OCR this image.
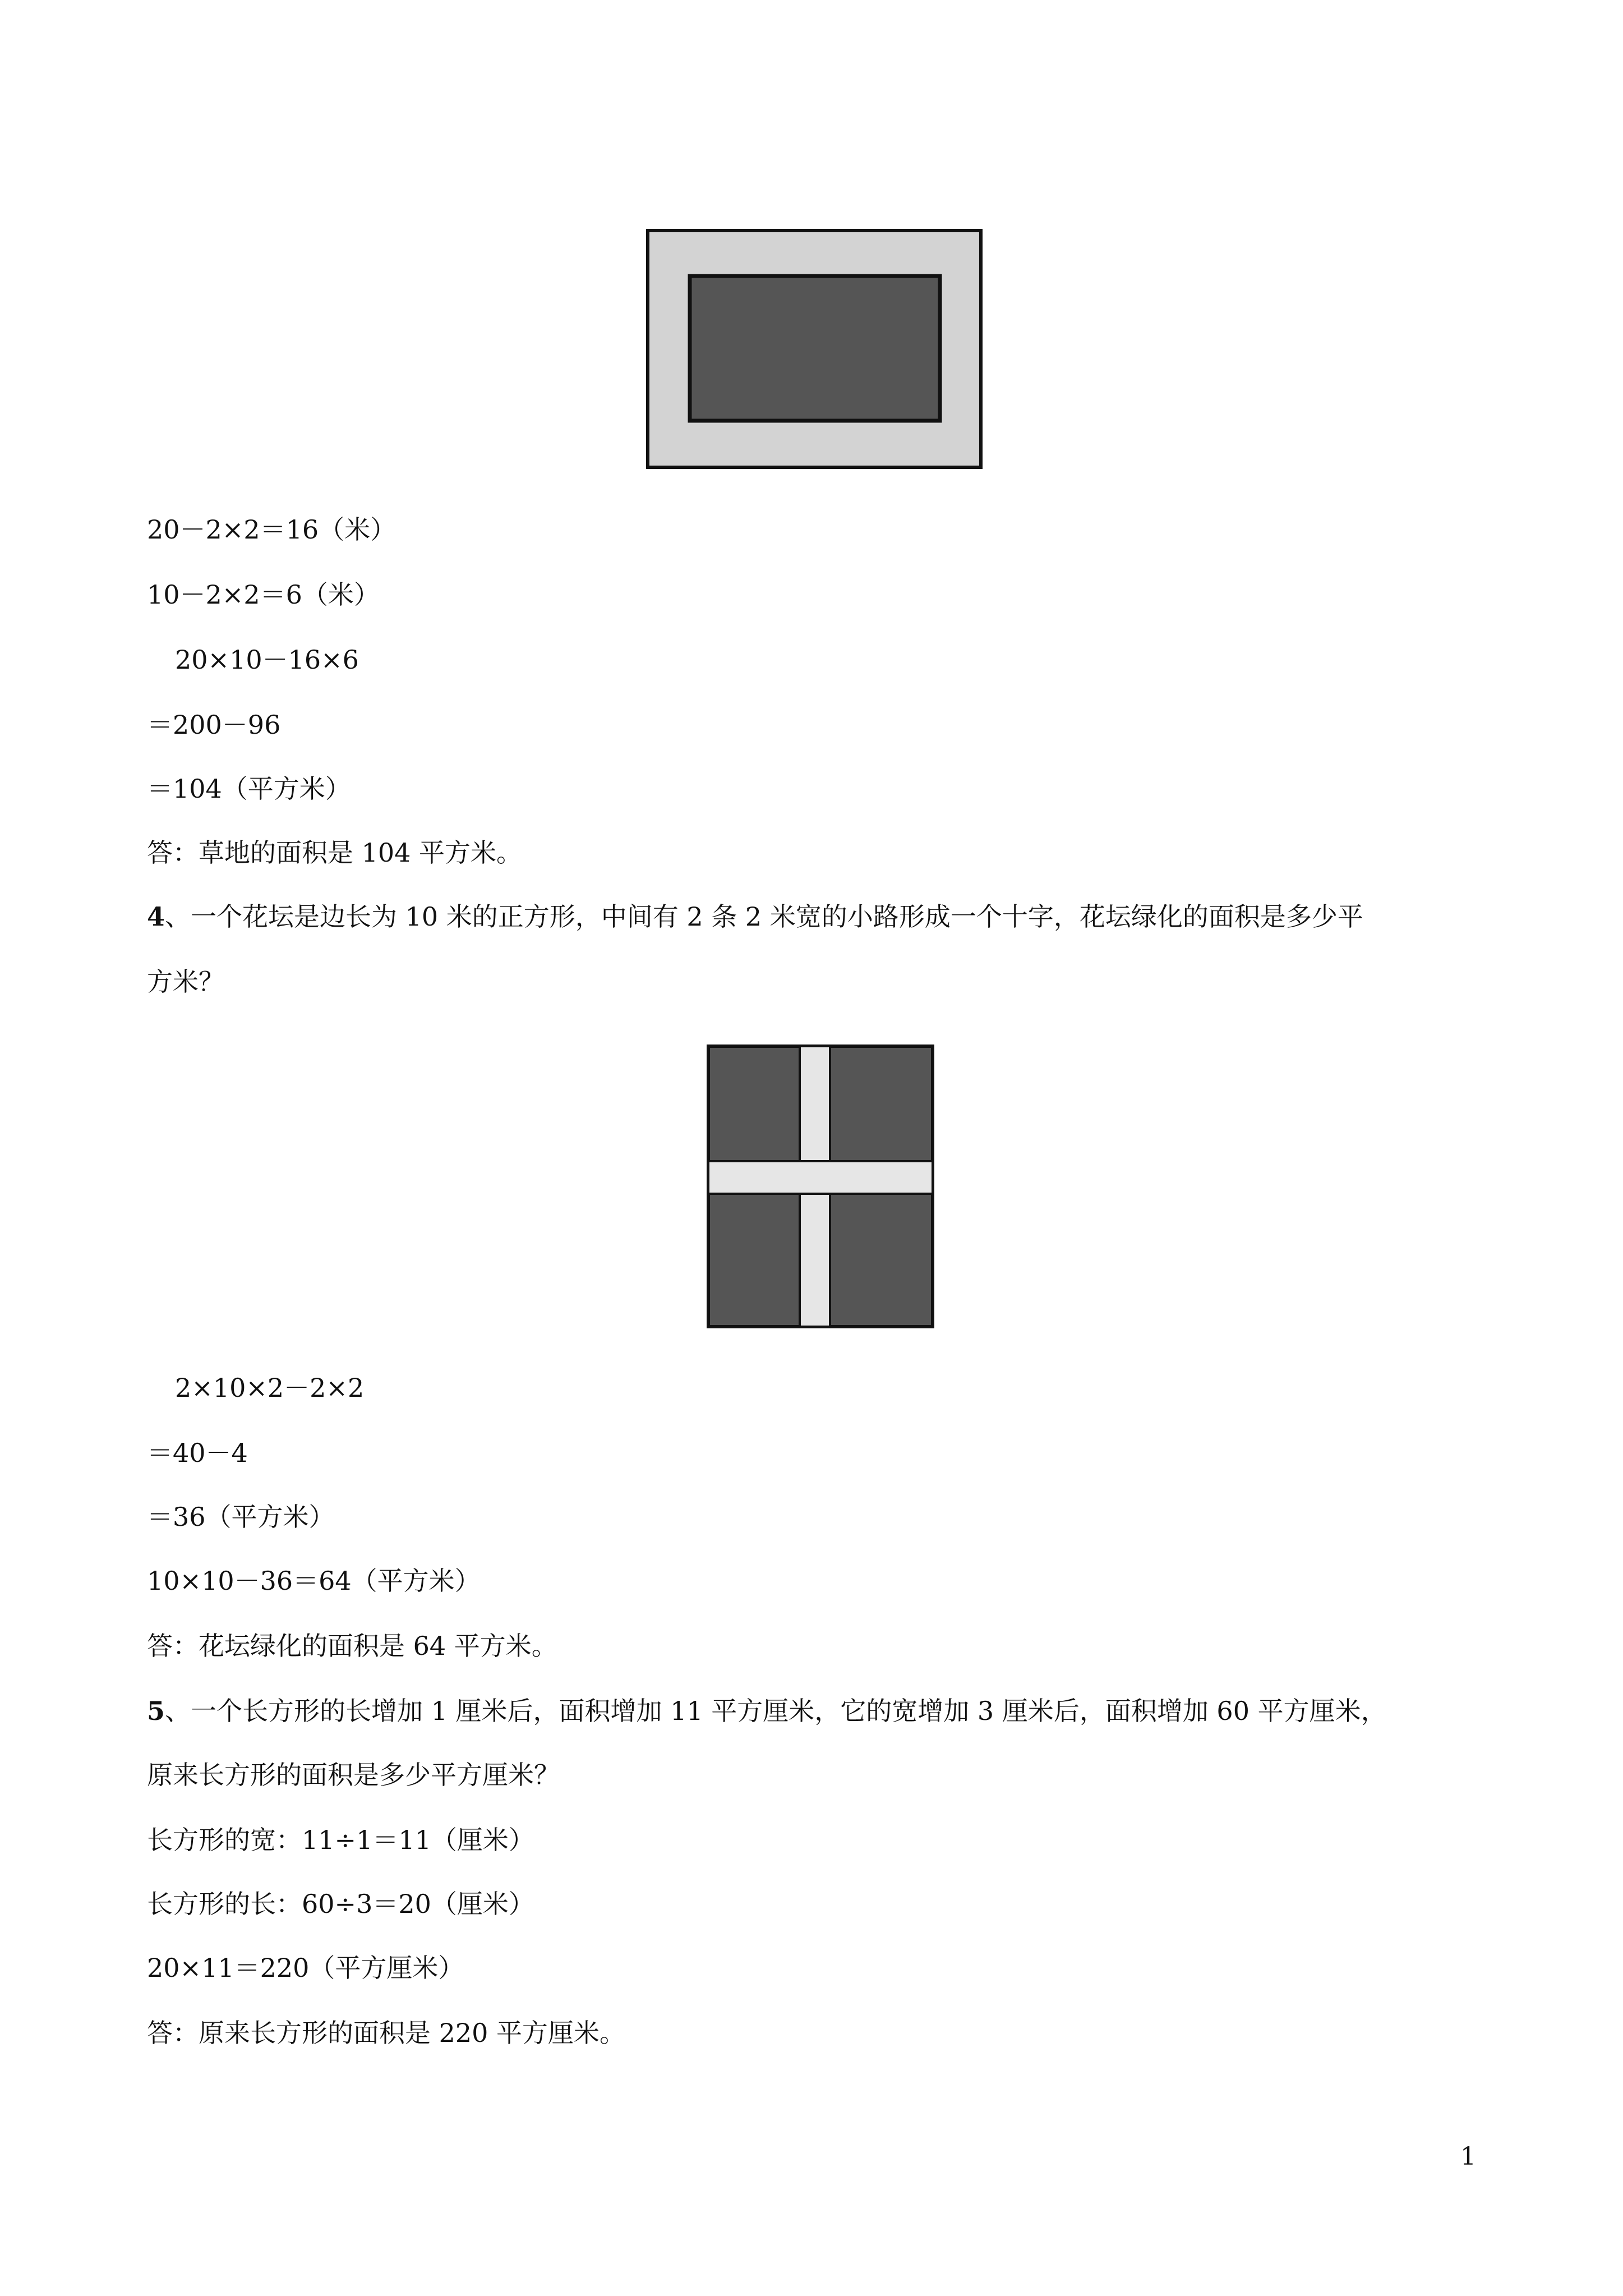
20－2×2＝16（米）
10－2×2＝6（米）
20×10－16×6
＝200－96
＝104（平方米）
答：草地的面积是 104 平方米。
4、一个花坛是边长为 10 米的正方形，中间有 2 条 2 米宽的小路形成一个十字，花坛绿化的面积是多少平
方米？
2×10×2－2×2
＝40－4
＝36（平方米）
10×10－36＝64（平方米）
答：花坛绿化的面积是 64 平方米。
5、一个长方形的长增加 1 厘米后，面积增加 11 平方厘米，它的宽增加 3 厘米后，面积增加 60 平方厘米，
原来长方形的面积是多少平方厘米？
长方形的宽：11÷1＝11（厘米）
长方形的长：60÷3＝20（厘米）
20×11＝220（平方厘米）
答：原来长方形的面积是 220 平方厘米。
1
